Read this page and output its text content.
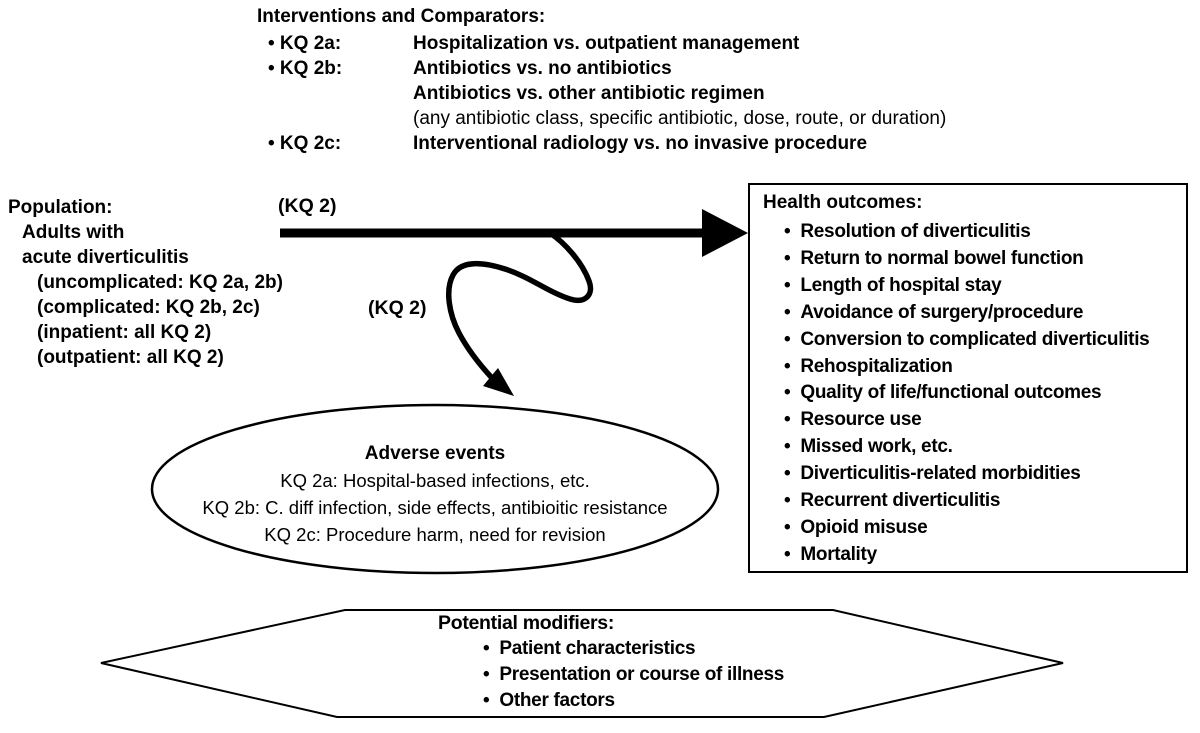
Interventions and Comparators:
• KQ 2a:	Hospitalization vs. outpatient management
• KQ 2b:	Antibiotics vs. no antibiotics
Antibiotics vs. other antibiotic regimen
(any antibiotic class, specific antibiotic, dose, route, or duration)
• KQ 2c:	Interventional radiology vs. no invasive procedure
Population:
Adults with
acute diverticulitis
(uncomplicated: KQ 2a, 2b)
(complicated: KQ 2b, 2c)
(inpatient: all KQ 2)
(outpatient: all KQ 2)
(KQ 2)
(KQ 2)
Health outcomes:
• Resolution of diverticulitis
• Return to normal bowel function
• Length of hospital stay
• Avoidance of surgery/procedure
• Conversion to complicated diverticulitis
• Rehospitalization
• Quality of life/functional outcomes
• Resource use
• Missed work, etc.
• Diverticulitis-related morbidities
• Recurrent diverticulitis
• Opioid misuse
• Mortality
Adverse events
KQ 2a: Hospital-based infections, etc.
KQ 2b: C. diff infection, side effects, antibioitic resistance
KQ 2c: Procedure harm, need for revision
Potential modifiers:
• Patient characteristics
• Presentation or course of illness
• Other factors
